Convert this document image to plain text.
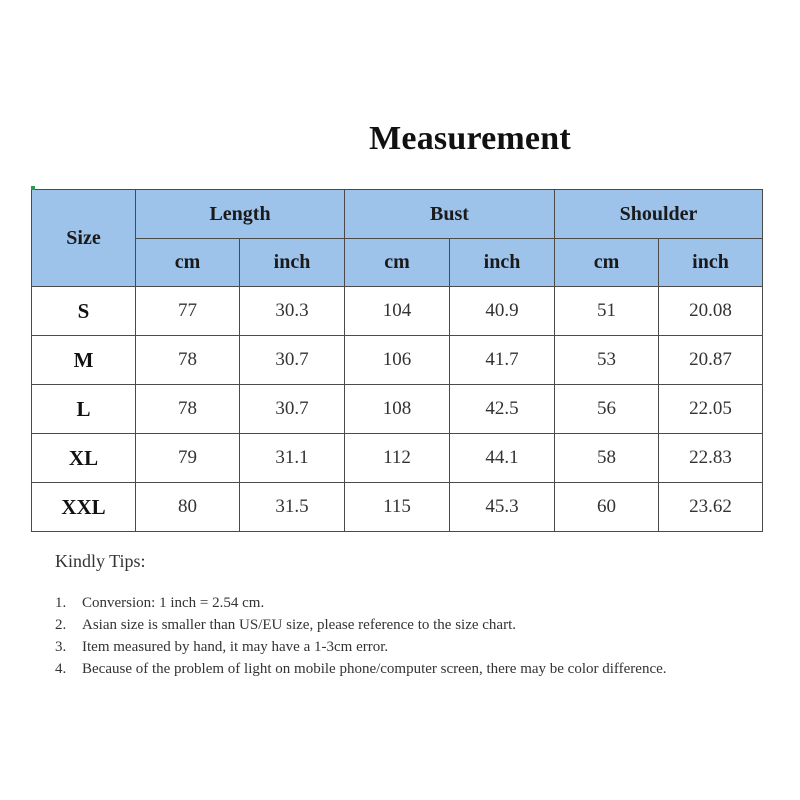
Measurement
Size	Length		Bust		Shoulder	
	cm	inch	cm	inch	cm	inch
S	77	30.3	104	40.9	51	20.08
M	78	30.7	106	41.7	53	20.87
L	78	30.7	108	42.5	56	22.05
XL	79	31.1	112	44.1	58	22.83
XXL	80	31.5	115	45.3	60	23.62
Kindly Tips:
1. Conversion: 1 inch = 2.54 cm.
2. Asian size is smaller than US/EU size, please reference to the size chart.
3. Item measured by hand, it may have a 1-3cm error.
4. Because of the problem of light on mobile phone/computer screen, there may be color difference.
